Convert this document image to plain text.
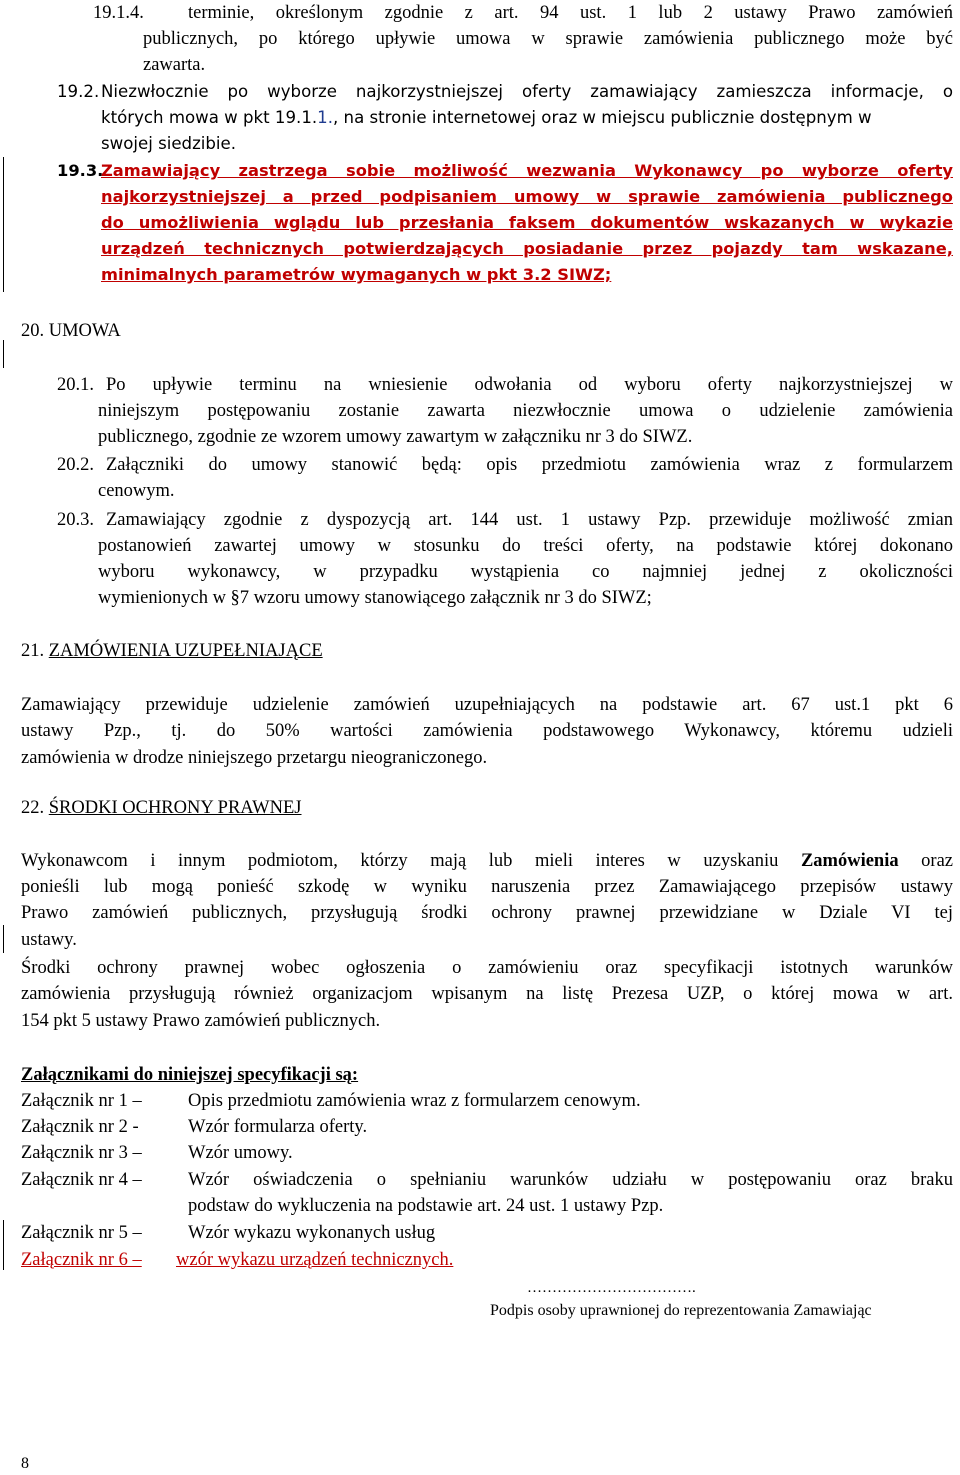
19.1.4. terminie, określonym zgodnie z art. 94 ust. 1 lub 2 ustawy Prawo zamówień
publicznych, po którego upływie umowa w sprawie zamówienia publicznego może być
zawarta.
19.2. Niezwłocznie po wyborze najkorzystniejszej oferty zamawiający zamieszcza informacje, o
których mowa w pkt 19.1.1., na stronie internetowej oraz w miejscu publicznie dostępnym w
swojej siedzibie.
19.3.
Zamawiający zastrzega sobie możliwość wezwania Wykonawcy po wyborze oferty
najkorzystniejszej a przed podpisaniem umowy w sprawie zamówienia publicznego
do umożliwienia wglądu lub przesłania faksem dokumentów wskazanych w wykazie
urządzeń technicznych potwierdzających posiadanie przez pojazdy tam wskazane,
minimalnych parametrów wymaganych w pkt 3.2 SIWZ;
20. UMOWA
20.1. Po upływie terminu na wniesienie odwołania od wyboru oferty najkorzystniejszej w
niniejszym postępowaniu zostanie zawarta niezwłocznie umowa o udzielenie zamówienia
publicznego, zgodnie ze wzorem umowy zawartym w załączniku nr 3 do SIWZ.
20.2. Załączniki do umowy stanowić będą: opis przedmiotu zamówienia wraz z formularzem
cenowym.
20.3. Zamawiający zgodnie z dyspozycją art. 144 ust. 1 ustawy Pzp. przewiduje możliwość zmian
postanowień zawartej umowy w stosunku do treści oferty, na podstawie której dokonano
wyboru wykonawcy, w przypadku wystąpienia co najmniej jednej z okoliczności
wymienionych w §7 wzoru umowy stanowiącego załącznik nr 3 do SIWZ;
21. ZAMÓWIENIA UZUPEŁNIAJĄCE
Zamawiający przewiduje udzielenie zamówień uzupełniających na podstawie art. 67 ust.1 pkt 6
ustawy Pzp., tj. do 50% wartości zamówienia podstawowego Wykonawcy, któremu udzieli
zamówienia w drodze niniejszego przetargu nieograniczonego.
22. ŚRODKI OCHRONY PRAWNEJ
Wykonawcom i innym podmiotom, którzy mają lub mieli interes w uzyskaniu Zamówienia oraz
ponieśli lub mogą ponieść szkodę w wyniku naruszenia przez Zamawiającego przepisów ustawy
Prawo zamówień publicznych, przysługują środki ochrony prawnej przewidziane w Dziale VI tej
ustawy.
Środki ochrony prawnej wobec ogłoszenia o zamówieniu oraz specyfikacji istotnych warunków
zamówienia przysługują również organizacjom wpisanym na listę Prezesa UZP, o której mowa w art.
154 pkt 5 ustawy Prawo zamówień publicznych.
Załącznikami do niniejszej specyfikacji są:
Załącznik nr 1 –	Opis przedmiotu zamówienia wraz z formularzem cenowym.
Załącznik nr 2 -	Wzór formularza oferty.
Załącznik nr 3 –	Wzór umowy.
Załącznik nr 4 –	Wzór oświadczenia o spełnianiu warunków udziału w postępowaniu oraz braku
podstaw do wykluczenia na podstawie art. 24 ust. 1 ustawy Pzp.
Załącznik nr 5 –	Wzór wykazu wykonanych usług
Załącznik nr 6 – wzór wykazu urządzeń technicznych.
…………………………….
Podpis osoby uprawnionej do reprezentowania Zamawiając
8
